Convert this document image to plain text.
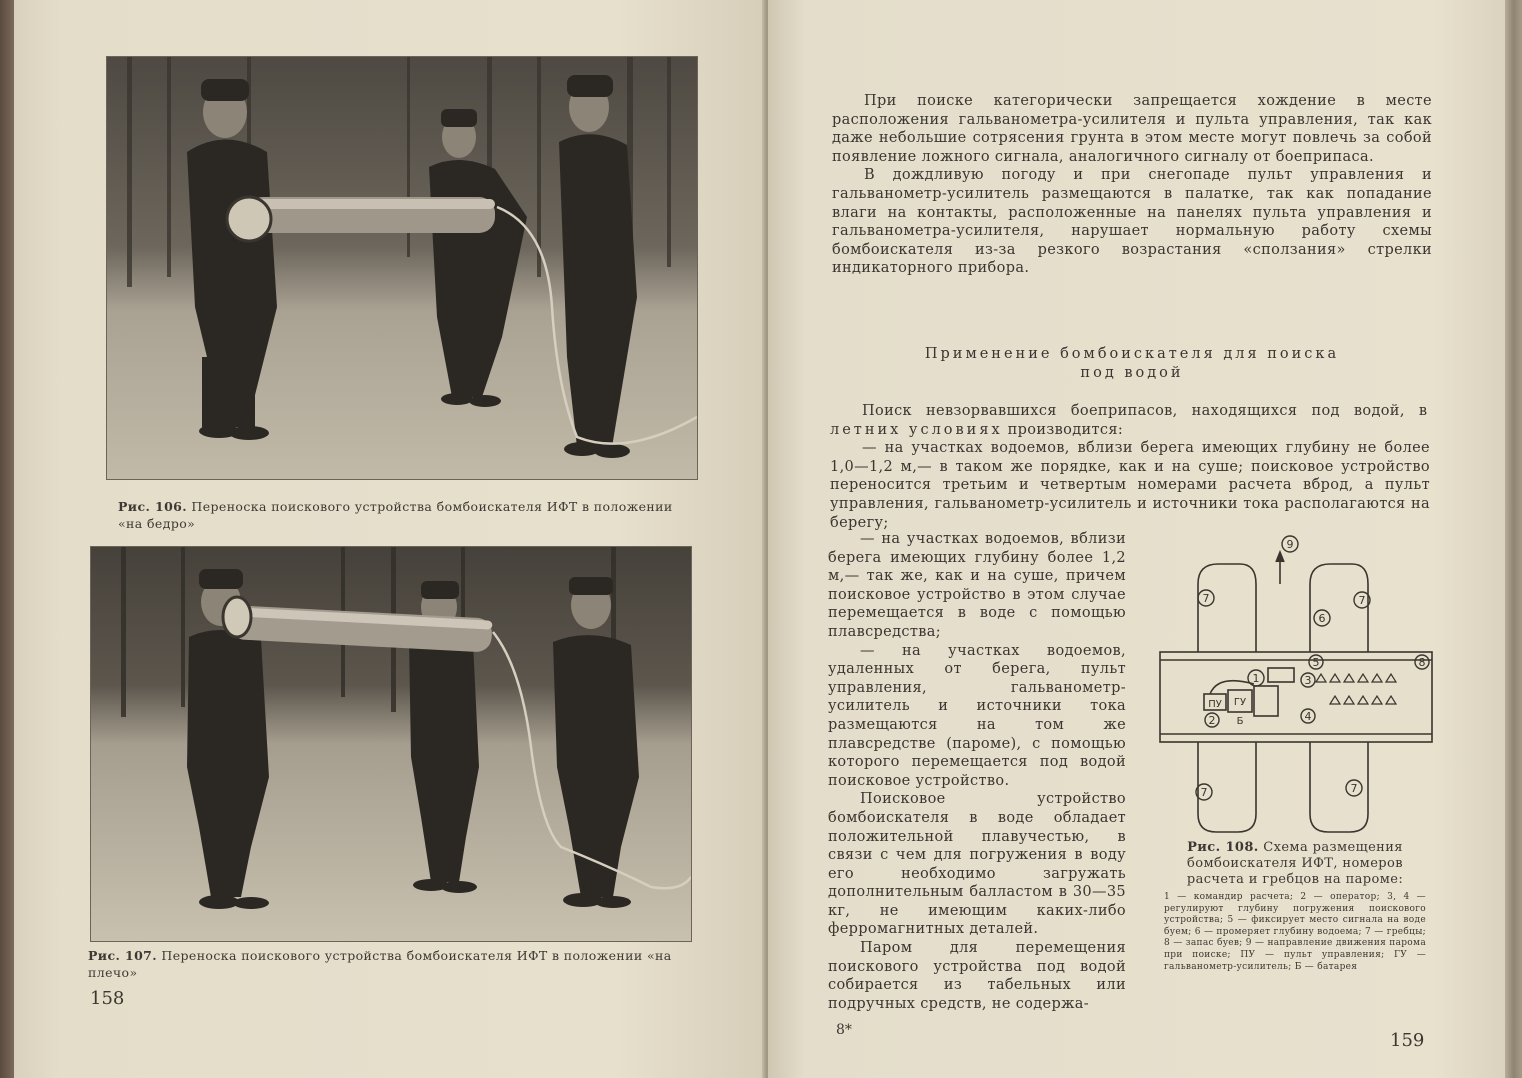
Рис. 106. Переноска поискового устройства бомбоискателя ИФТ в положении «на бедро»
Рис. 107. Переноска поискового устройства бомбоискателя ИФТ в положении «на плечо»
158

При поиске категорически запрещается хождение в месте расположения гальванометра-усилителя и пульта управления, так как даже небольшие сотрясения грунта в этом месте могут повлечь за собой появление ложного сигнала, аналогичного сигналу от боеприпаса.

В дождливую погоду и при снегопаде пульт управления и гальванометр-усилитель размещаются в палатке, так как попадание влаги на контакты, расположенные на панелях пульта управления и гальванометра-усилителя, нарушает нормальную работу схемы бомбоискателя из-за резкого возрастания «сползания» стрелки индикаторного прибора.

Применение бомбоискателя для поиска
под водой

Поиск невзорвавшихся боеприпасов, находящихся под водой, в летних условиях производится:

— на участках водоемов, вблизи берега имеющих глубину не более 1,0—1,2 м,— в таком же порядке, как и на суше; поисковое устройство переносится третьим и четвертым номерами расчета вброд, а пульт управления, гальванометр-усилитель и источники тока располагаются на берегу;

— на участках водоемов, вблизи берега имеющих глубину более 1,2 м,— так же, как и на суше, причем поисковое устройство в этом случае перемещается в воде с помощью плавсредства;

— на участках водоемов, удаленных от берега, пульт управления, гальванометр-усилитель и источники тока размещаются на том же плавсредстве (пароме), с помощью которого перемещается под водой поисковое устройство.

Поисковое устройство бомбоискателя в воде обладает положительной плавучестью, в связи с чем для погружения в воду его необходимо загружать дополнительным балластом в 30—35 кг, не имеющим каких-либо ферромагнитных деталей.

Паром для перемещения поискового устройства под водой собирается из табельных или подручных средств, не содержа-

9
7	7
6
5	8
1	3
2	4
7	7
ПУ ГУ
Б
Рис. 108. Схема размещения бомбоискателя ИФТ, номеров расчета и гребцов на пароме:
1 — командир расчета; 2 — оператор; 3, 4 — регулируют глубину погружения поискового устройства; 5 — фиксирует место сигнала на воде буем; 6 — промеряет глубину водоема; 7 — гребцы; 8 — запас буев; 9 — направление движения парома при поиске; ПУ — пульт управления; ГУ — гальванометр-усилитель; Б — батарея
8*	159
